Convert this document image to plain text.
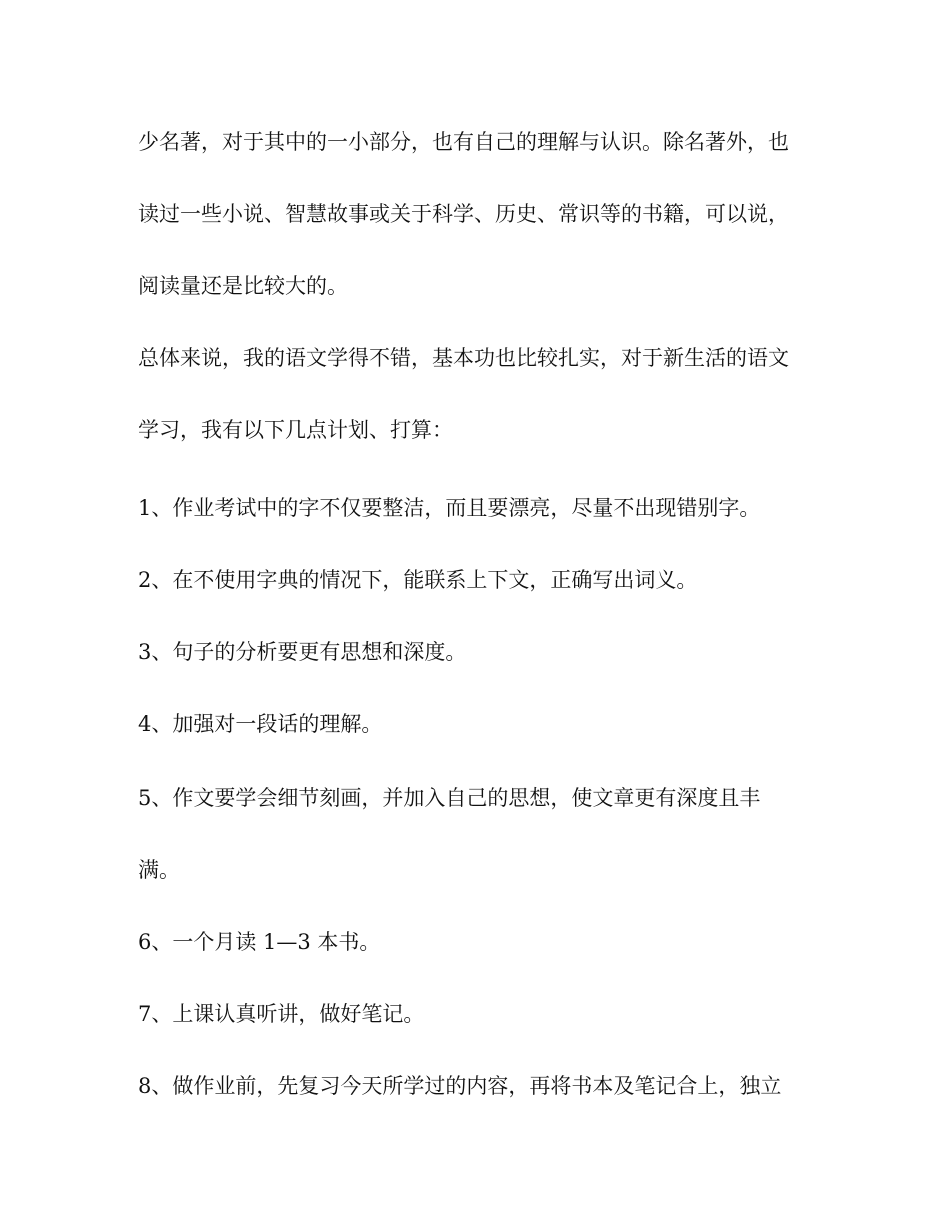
少名著，对于其中的一小部分，也有自己的理解与认识。除名著外，也
读过一些小说、智慧故事或关于科学、历史、常识等的书籍，可以说，
阅读量还是比较大的。
总体来说，我的语文学得不错，基本功也比较扎实，对于新生活的语文
学习，我有以下几点计划、打算：
1、作业考试中的字不仅要整洁，而且要漂亮，尽量不出现错别字。
2、在不使用字典的情况下，能联系上下文，正确写出词义。
3、句子的分析要更有思想和深度。
4、加强对一段话的理解。
5、作文要学会细节刻画，并加入自己的思想，使文章更有深度且丰
满。
6、一个月读 1—3 本书。
7、上课认真听讲，做好笔记。
8、做作业前，先复习今天所学过的内容，再将书本及笔记合上，独立
